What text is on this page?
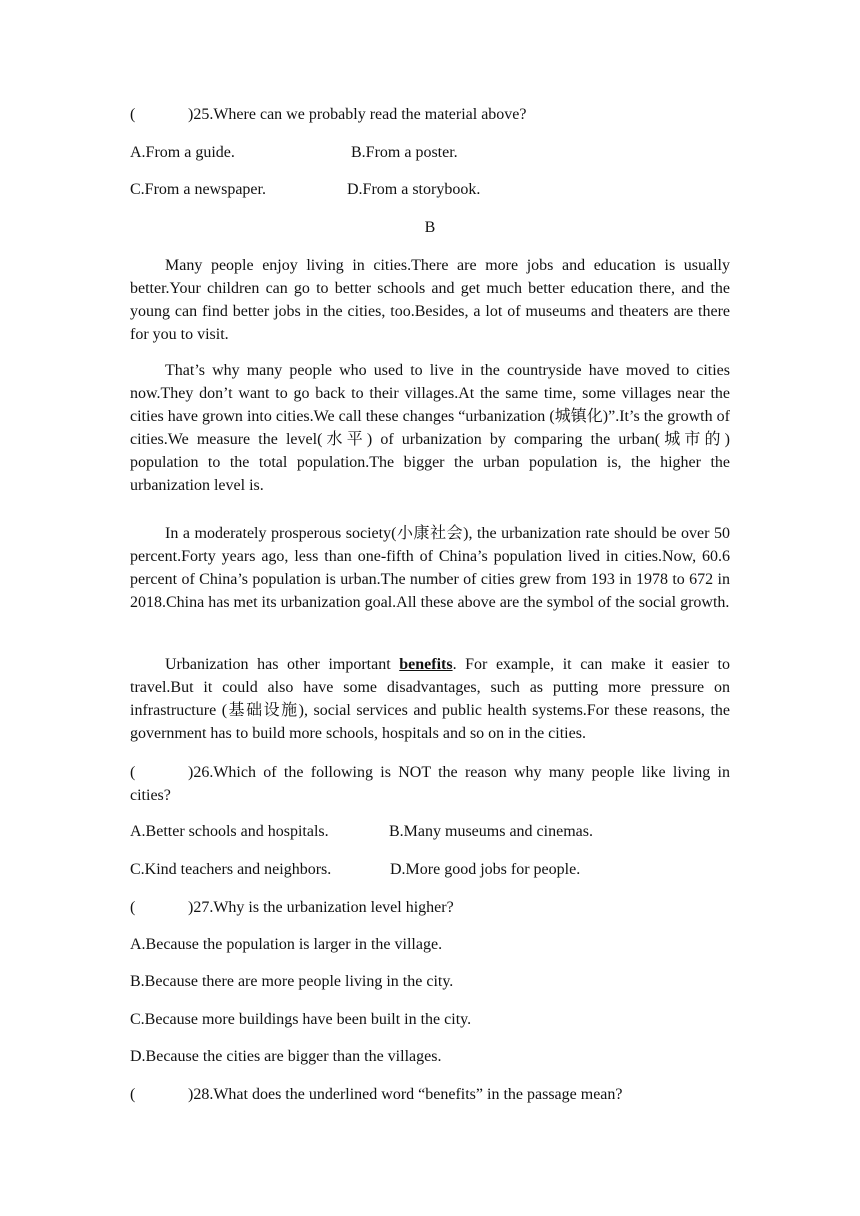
(	)25.Where can we probably read the material above?
A.From a guide.	B.From a poster.
C.From a newspaper.	D.From a storybook.
B

Many people enjoy living in cities.There are more jobs and education is usually better.Your children can go to better schools and get much better education there, and the young can find better jobs in the cities, too.Besides, a lot of museums and theaters are there for you to visit.

That’s why many people who used to live in the countryside have moved to cities now.They don’t want to go back to their villages.At the same time, some villages near the cities have grown into cities.We call these changes “urbanization (城镇化)”.It’s the growth of cities.We measure the level(水平) of urbanization by comparing the urban(城市的) population to the total population.The bigger the urban population is, the higher the urbanization level is.

In a moderately prosperous society(小康社会), the urbanization rate should be over 50 percent.Forty years ago, less than one-fifth of China’s population lived in cities.Now, 60.6 percent of China’s population is urban.The number of cities grew from 193 in 1978 to 672 in 2018.China has met its urbanization goal.All these above are the symbol of the social growth.

Urbanization has other important benefits. For example, it can make it easier to travel.But it could also have some disadvantages, such as putting more pressure on infrastructure (基础设施), social services and public health systems.For these reasons, the government has to build more schools, hospitals and so on in the cities.

(	)26.Which of the following is NOT the reason why many people like living in cities?
A.Better schools and hospitals.	B.Many museums and cinemas.
C.Kind teachers and neighbors.	D.More good jobs for people.
(	)27.Why is the urbanization level higher?
A.Because the population is larger in the village.
B.Because there are more people living in the city.
C.Because more buildings have been built in the city.
D.Because the cities are bigger than the villages.
(	)28.What does the underlined word “benefits” in the passage mean?
